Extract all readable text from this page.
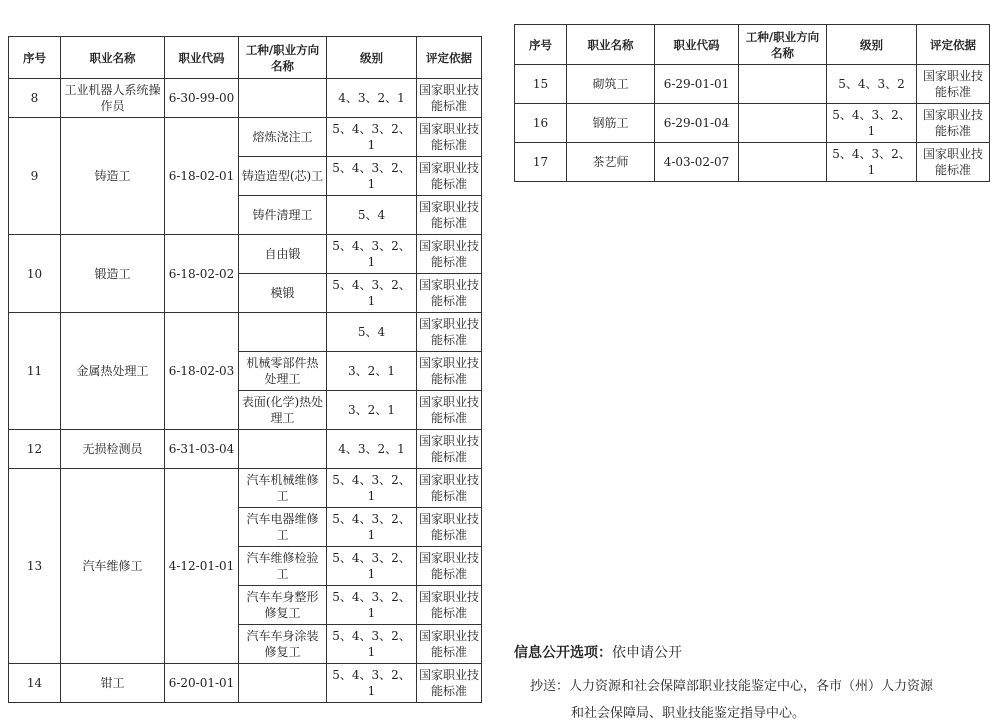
序号	职业名称	职业代码	工种/职业方向名称	级别	评定依据
8	工业机器人系统操作员	6-30-99-00		4、3、2、1	国家职业技能标准
9	铸造工	6-18-02-01	熔炼浇注工	5、4、3、2、1	国家职业技能标准
			铸造造型(芯)工	5、4、3、2、1	国家职业技能标准
			铸件清理工	5、4	国家职业技能标准
10	锻造工	6-18-02-02	自由锻	5、4、3、2、1	国家职业技能标准
			模锻	5、4、3、2、1	国家职业技能标准
11	金属热处理工	6-18-02-03		5、4	国家职业技能标准
			机械零部件热处理工	3、2、1	国家职业技能标准
			表面(化学)热处理工	3、2、1	国家职业技能标准
12	无损检测员	6-31-03-04		4、3、2、1	国家职业技能标准
13	汽车维修工	4-12-01-01	汽车机械维修工	5、4、3、2、1	国家职业技能标准
			汽车电器维修工	5、4、3、2、1	国家职业技能标准
			汽车维修检验工	5、4、3、2、1	国家职业技能标准
			汽车车身整形修复工	5、4、3、2、1	国家职业技能标准
			汽车车身涂装修复工	5、4、3、2、1	国家职业技能标准
14	钳工	6-20-01-01		5、4、3、2、1	国家职业技能标准
序号	职业名称	职业代码	工种/职业方向名称	级别	评定依据
15	砌筑工	6-29-01-01		5、4、3、2	国家职业技能标准
16	钢筋工	6-29-01-04		5、4、3、2、1	国家职业技能标准
17	茶艺师	4-03-02-07		5、4、3、2、1	国家职业技能标准
信息公开选项：依申请公开
抄送：人力资源和社会保障部职业技能鉴定中心，各市（州）人力资源
和社会保障局、职业技能鉴定指导中心。
